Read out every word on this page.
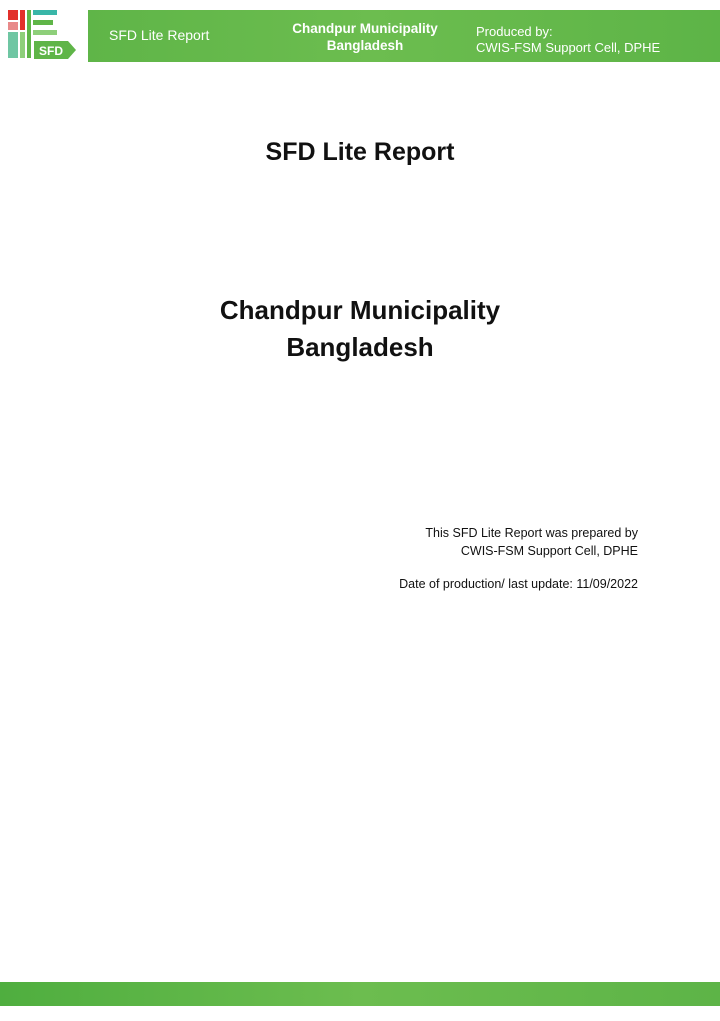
SFD
SFD Lite Report	Chandpur Municipality
Bangladesh
Produced by:
CWIS-FSM Support Cell, DPHE
SFD Lite Report
Chandpur Municipality
Bangladesh
This SFD Lite Report was prepared by
CWIS-FSM Support Cell, DPHE
Date of production/ last update: 11/09/2022
